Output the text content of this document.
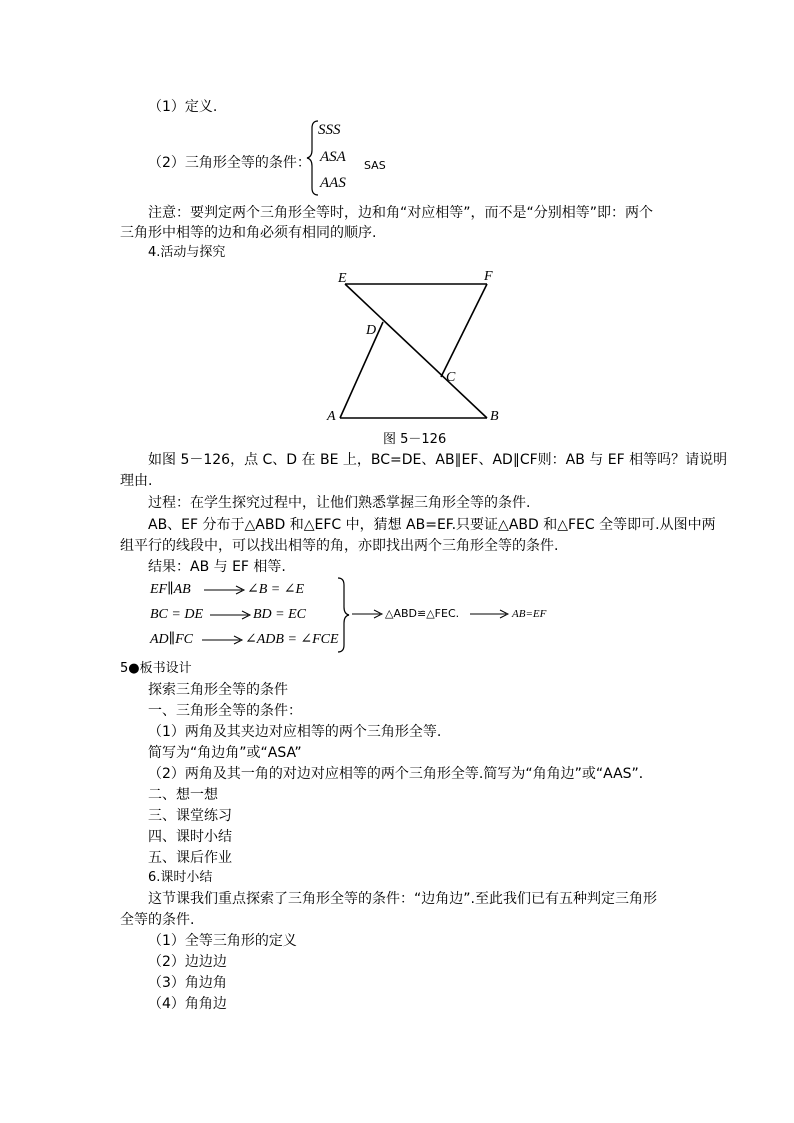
（1）定义.
（2）三角形全等的条件：
SSS
ASA
AAS
SAS
注意：要判定两个三角形全等时，边和角“对应相等”，而不是“分别相等”即：两个
三角形中相等的边和角必须有相同的顺序.
4.活动与探究
E	F
D
C
A	B
图 5－126
如图 5－126，点 C、D 在 BE 上，BC=DE、AB∥EF、AD∥CF则：AB 与 EF 相等吗？请说明
理由.
过程：在学生探究过程中，让他们熟悉掌握三角形全等的条件.
AB、EF 分布于△ABD 和△EFC 中，猜想 AB=EF.只要证△ABD 和△FEC 全等即可.从图中两
组平行的线段中，可以找出相等的角，亦即找出两个三角形全等的条件.
结果：AB 与 EF 相等.
EF∥AB	∠B = ∠E
BC = DE	BD = EC
AD∥FC	∠ADB = ∠FCE
△ABD≌△FEC.	AB=EF
5●板书设计
探索三角形全等的条件
一、三角形全等的条件：
（1）两角及其夹边对应相等的两个三角形全等.
简写为“角边角”或“ASA”
（2）两角及其一角的对边对应相等的两个三角形全等.简写为“角角边”或“AAS”．
二、想一想
三、课堂练习
四、课时小结
五、课后作业
6.课时小结
这节课我们重点探索了三角形全等的条件：“边角边”.至此我们已有五种判定三角形
全等的条件.
（1）全等三角形的定义
（2）边边边
（3）角边角
（4）角角边
